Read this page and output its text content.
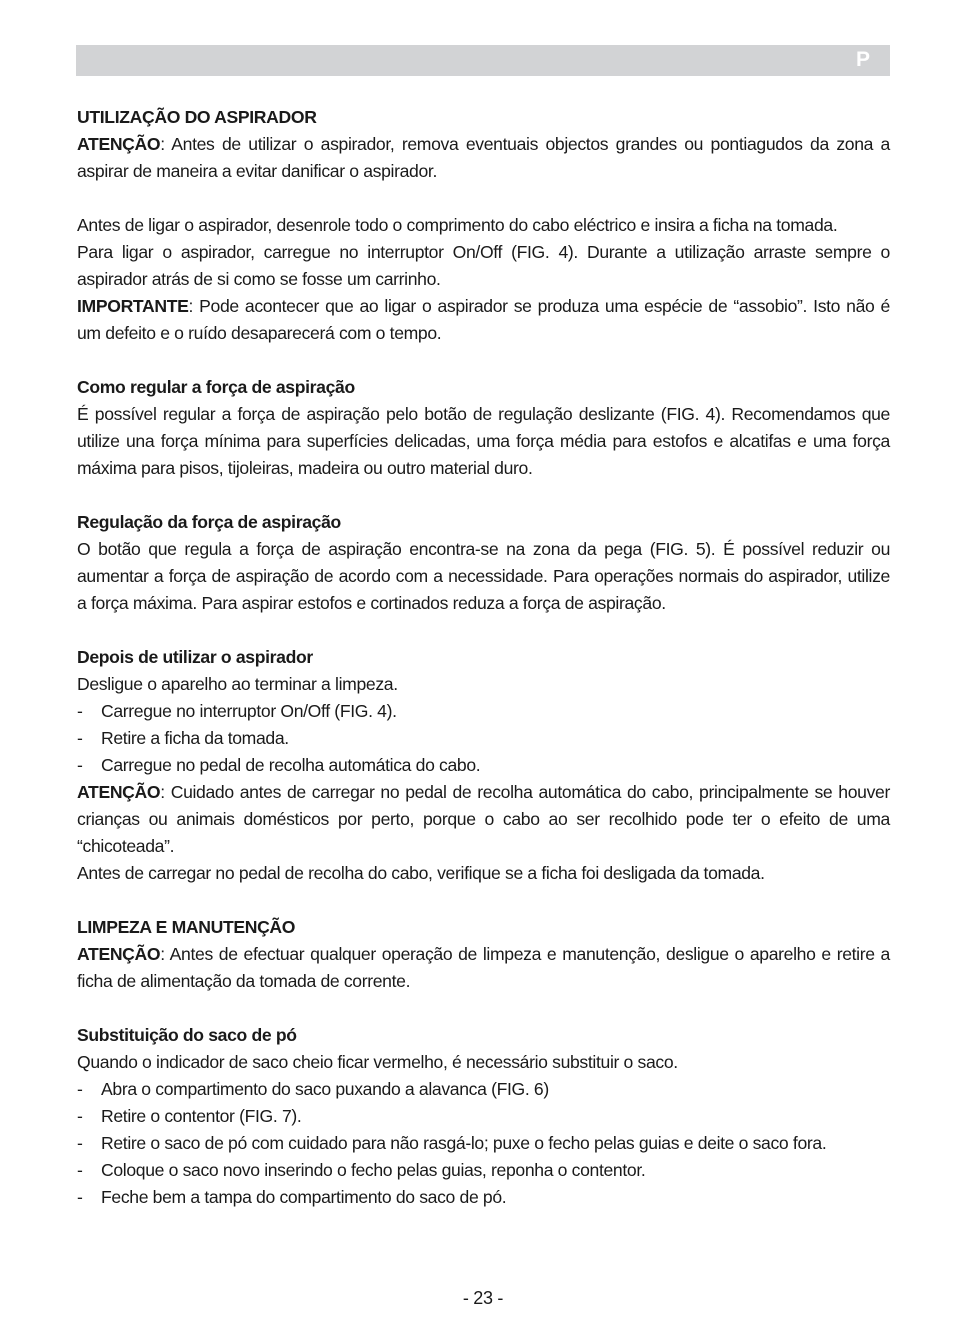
P

UTILIZAÇÃO DO ASPIRADOR

ATENÇÃO: Antes de utilizar o aspirador, remova eventuais objectos grandes ou pontiagudos da zona a aspirar de maneira a evitar danificar o aspirador.

Antes de ligar o aspirador, desenrole todo o comprimento do cabo eléctrico e insira a ficha na tomada.

Para ligar o aspirador, carregue no interruptor On/Off (FIG. 4). Durante a utilização arraste sempre o aspirador atrás de si como se fosse um carrinho.

IMPORTANTE: Pode acontecer que ao ligar o aspirador se produza uma espécie de “assobio”. Isto não é um defeito e o ruído desaparecerá com o tempo.

Como regular a força de aspiração

É possível regular a força de aspiração pelo botão de regulação deslizante (FIG. 4). Recomendamos que utilize una força mínima para superfícies delicadas, uma força média para estofos e alcatifas e uma força máxima para pisos, tijoleiras, madeira ou outro material duro.

Regulação da força de aspiração

O botão que regula a força de aspiração encontra-se na zona da pega (FIG. 5). É possível reduzir ou aumentar a força de aspiração de acordo com a necessidade. Para operações normais do aspirador, utilize a força máxima. Para aspirar estofos e cortinados reduza a força de aspiração.

Depois de utilizar o aspirador

Desligue o aparelho ao terminar a limpeza.

-	Carregue no interruptor On/Off (FIG. 4).
-	Retire a ficha da tomada.
-	Carregue no pedal de recolha automática do cabo.

ATENÇÃO: Cuidado antes de carregar no pedal de recolha automática do cabo, principalmente se houver crianças ou animais domésticos por perto, porque o cabo ao ser recolhido pode ter o efeito de uma “chicoteada”.

Antes de carregar no pedal de recolha do cabo, verifique se a ficha foi desligada da tomada.

LIMPEZA E MANUTENÇÃO

ATENÇÃO: Antes de efectuar qualquer operação de limpeza e manutenção, desligue o aparelho e retire a ficha de alimentação da tomada de corrente.

Substituição do saco de pó

Quando o indicador de saco cheio ficar vermelho, é necessário substituir o saco.

-	Abra o compartimento do saco puxando a alavanca (FIG. 6)
-	Retire o contentor (FIG. 7).
-	Retire o saco de pó com cuidado para não rasgá-lo; puxe o fecho pelas guias e deite o saco fora.
-	Coloque o saco novo inserindo o fecho pelas guias, reponha o contentor.
-	Feche bem a tampa do compartimento do saco de pó.
- 23 -
